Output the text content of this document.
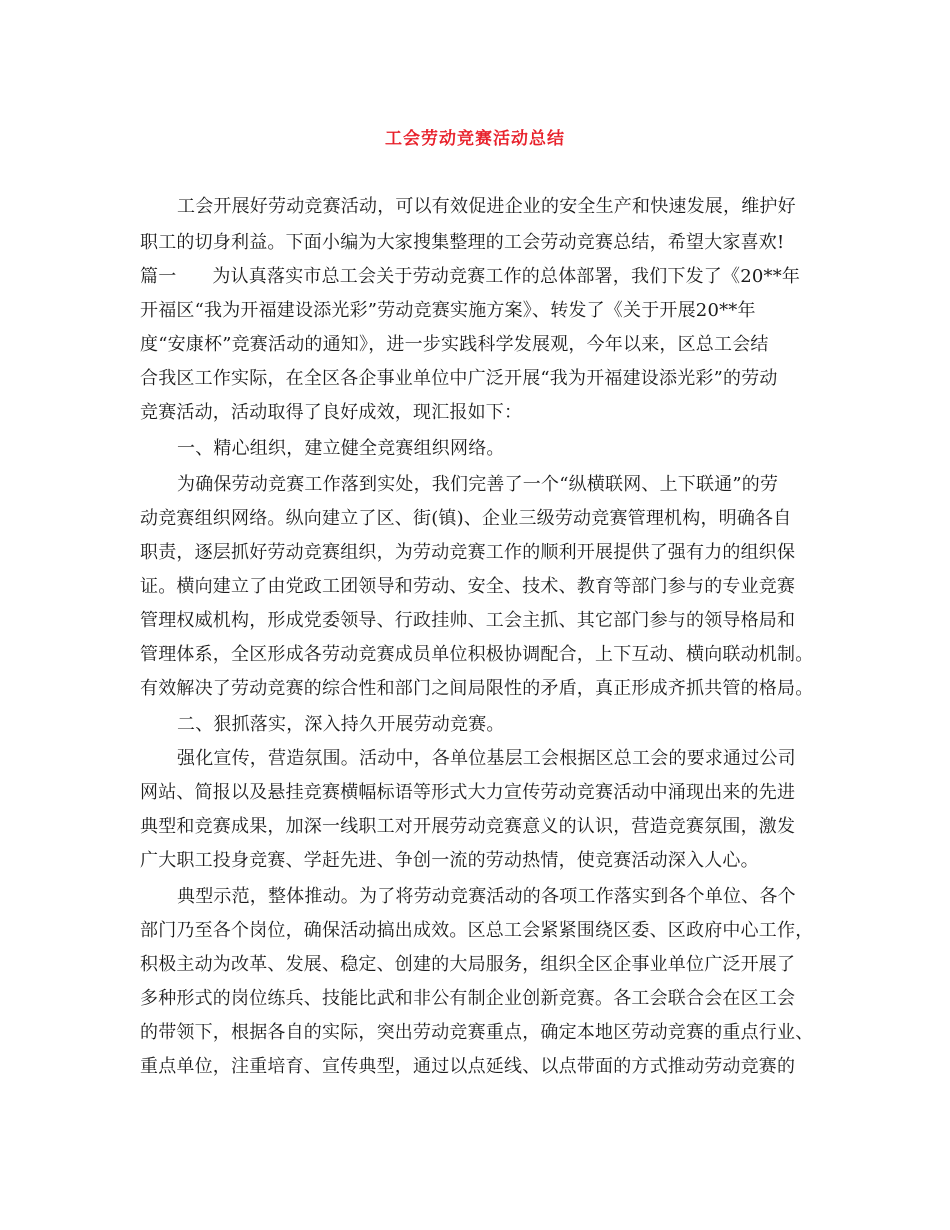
工会劳动竞赛活动总结
工会开展好劳动竞赛活动，可以有效促进企业的安全生产和快速发展，维护好
职工的切身利益。下面小编为大家搜集整理的工会劳动竞赛总结，希望大家喜欢!
篇一 为认真落实市总工会关于劳动竞赛工作的总体部署，我们下发了《20**年
开福区“我为开福建设添光彩”劳动竞赛实施方案》、转发了《关于开展20**年
度“安康杯”竞赛活动的通知》，进一步实践科学发展观，今年以来，区总工会结
合我区工作实际，在全区各企事业单位中广泛开展“我为开福建设添光彩”的劳动
竞赛活动，活动取得了良好成效，现汇报如下：
一、精心组织，建立健全竞赛组织网络。
为确保劳动竞赛工作落到实处，我们完善了一个“纵横联网、上下联通”的劳
动竞赛组织网络。纵向建立了区、街(镇)、企业三级劳动竞赛管理机构，明确各自
职责，逐层抓好劳动竞赛组织，为劳动竞赛工作的顺利开展提供了强有力的组织保
证。横向建立了由党政工团领导和劳动、安全、技术、教育等部门参与的专业竞赛
管理权威机构，形成党委领导、行政挂帅、工会主抓、其它部门参与的领导格局和
管理体系，全区形成各劳动竞赛成员单位积极协调配合，上下互动、横向联动机制。
有效解决了劳动竞赛的综合性和部门之间局限性的矛盾，真正形成齐抓共管的格局。
二、狠抓落实，深入持久开展劳动竞赛。
强化宣传，营造氛围。活动中，各单位基层工会根据区总工会的要求通过公司
网站、简报以及悬挂竞赛横幅标语等形式大力宣传劳动竞赛活动中涌现出来的先进
典型和竞赛成果，加深一线职工对开展劳动竞赛意义的认识，营造竞赛氛围，激发
广大职工投身竞赛、学赶先进、争创一流的劳动热情，使竞赛活动深入人心。
典型示范，整体推动。为了将劳动竞赛活动的各项工作落实到各个单位、各个
部门乃至各个岗位，确保活动搞出成效。区总工会紧紧围绕区委、区政府中心工作，
积极主动为改革、发展、稳定、创建的大局服务，组织全区企事业单位广泛开展了
多种形式的岗位练兵、技能比武和非公有制企业创新竞赛。各工会联合会在区工会
的带领下，根据各自的实际，突出劳动竞赛重点，确定本地区劳动竞赛的重点行业、
重点单位，注重培育、宣传典型，通过以点延线、以点带面的方式推动劳动竞赛的
